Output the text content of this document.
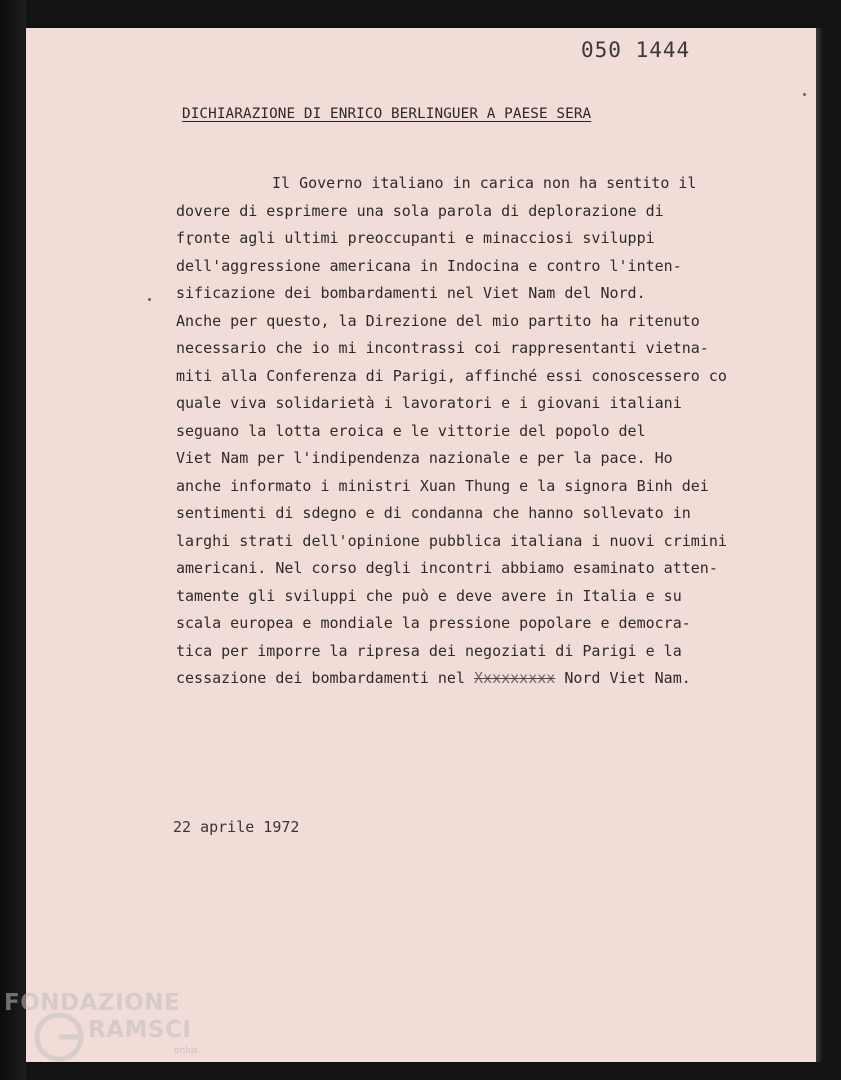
050 1444
DICHIARAZIONE DI ENRICO BERLINGUER A PAESE SERA
Il Governo italiano in carica non ha sentito il
dovere di esprimere una sola parola di deplorazione di
fronte agli ultimi preoccupanti e minacciosi sviluppi
dell'aggressione americana in Indocina e contro l'inten-
sificazione dei bombardamenti nel Viet Nam del Nord.
Anche per questo, la Direzione del mio partito ha ritenuto
necessario che io mi incontrassi coi rappresentanti vietna-
miti alla Conferenza di Parigi, affinché essi conoscessero co
quale viva solidarietà i lavoratori e i giovani italiani
seguano la lotta eroica e le vittorie del popolo del
Viet Nam per l'indipendenza nazionale e per la pace. Ho
anche informato i ministri Xuan Thung e la signora Binh dei
sentimenti di sdegno e di condanna che hanno sollevato in
larghi strati dell'opinione pubblica italiana i nuovi crimini
americani. Nel corso degli incontri abbiamo esaminato atten-
tamente gli sviluppi che può e deve avere in Italia e su
scala europea e mondiale la pressione popolare e democra-
tica per imporre la ripresa dei negoziati di Parigi e la
cessazione dei bombardamenti nel Xxxxxxxxx Nord Viet Nam.
22 aprile 1972
FONDAZIONE
RAMSCI
onlus
